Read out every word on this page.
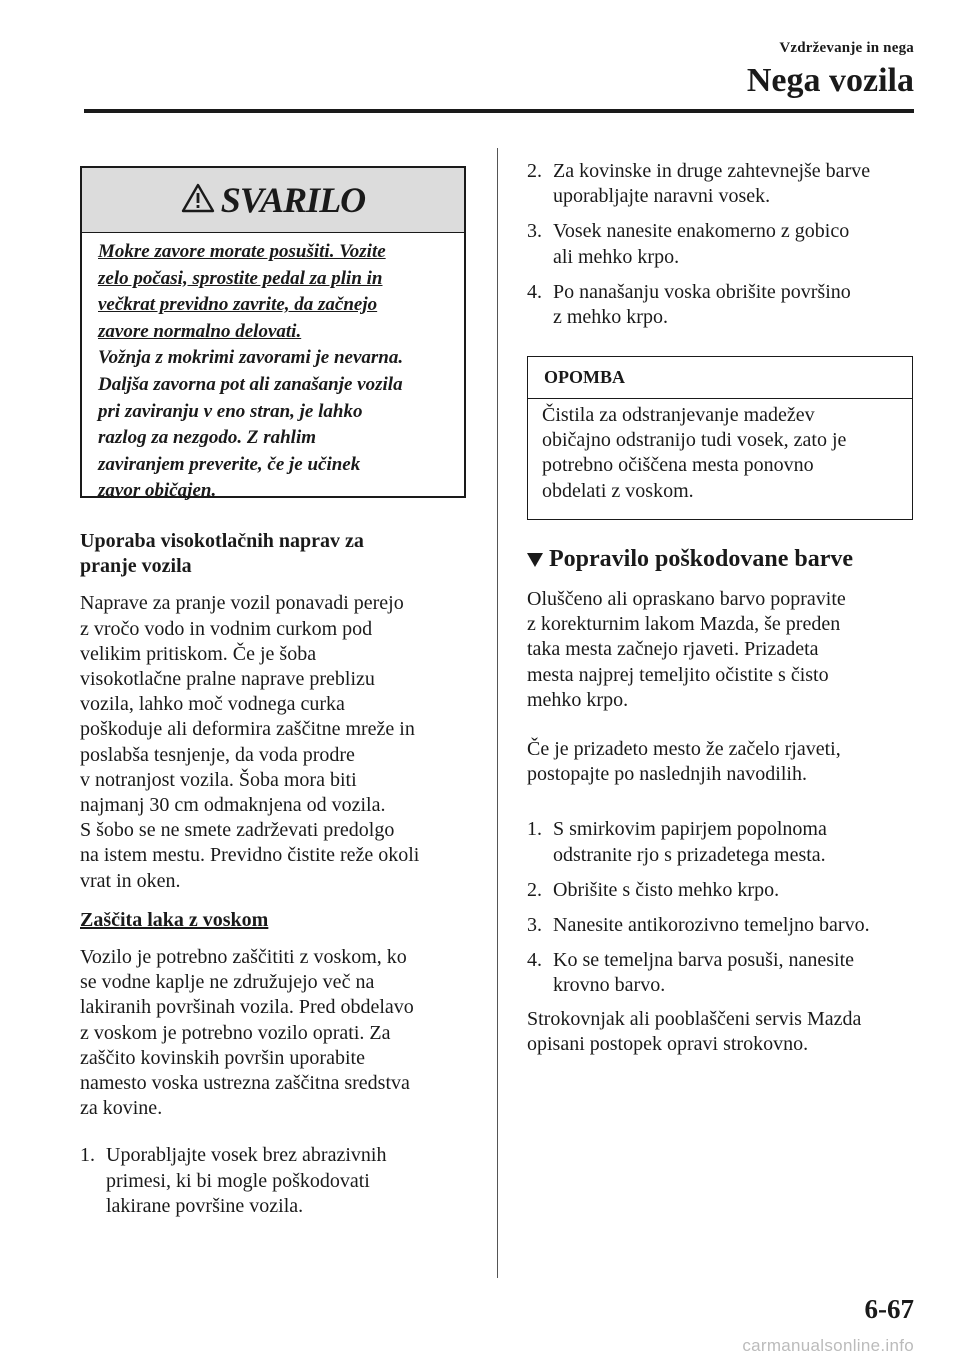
Vzdrževanje in nega
Nega vozila
SVARILO
Mokre zavore morate posušiti. Vozite
zelo počasi, sprostite pedal za plin in
večkrat previdno zavrite, da začnejo
zavore normalno delovati.
Vožnja z mokrimi zavorami je nevarna.
Daljša zavorna pot ali zanašanje vozila
pri zaviranju v eno stran, je lahko
razlog za nezgodo. Z rahlim
zaviranjem preverite, če je učinek
zavor običajen.
Uporaba visokotlačnih naprav za
pranje vozila
Naprave za pranje vozil ponavadi perejo
z vročo vodo in vodnim curkom pod
velikim pritiskom. Če je šoba
visokotlačne pralne naprave preblizu
vozila, lahko moč vodnega curka
poškoduje ali deformira zaščitne mreže in
poslabša tesnjenje, da voda prodre
v notranjost vozila. Šoba mora biti
najmanj 30 cm odmaknjena od vozila.
S šobo se ne smete zadrževati predolgo
na istem mestu. Previdno čistite reže okoli
vrat in oken.
Zaščita laka z voskom
Vozilo je potrebno zaščititi z voskom, ko
se vodne kaplje ne združujejo več na
lakiranih površinah vozila. Pred obdelavo
z voskom je potrebno vozilo oprati. Za
zaščito kovinskih površin uporabite
namesto voska ustrezna zaščitna sredstva
za kovine.
1. Uporabljajte vosek brez abrazivnih
primesi, ki bi mogle poškodovati
lakirane površine vozila.
2. Za kovinske in druge zahtevnejše barve
uporabljajte naravni vosek.
3. Vosek nanesite enakomerno z gobico
ali mehko krpo.
4. Po nanašanju voska obrišite površino
z mehko krpo.
OPOMBA
Čistila za odstranjevanje madežev
običajno odstranijo tudi vosek, zato je
potrebno očiščena mesta ponovno
obdelati z voskom.
Popravilo poškodovane barve
Oluščeno ali opraskano barvo popravite
z korekturnim lakom Mazda, še preden
taka mesta začnejo rjaveti. Prizadeta
mesta najprej temeljito očistite s čisto
mehko krpo.
Če je prizadeto mesto že začelo rjaveti,
postopajte po naslednjih navodilih.
1. S smirkovim papirjem popolnoma
odstranite rjo s prizadetega mesta.
2. Obrišite s čisto mehko krpo.
3. Nanesite antikorozivno temeljno barvo.
4. Ko se temeljna barva posuši, nanesite
krovno barvo.
Strokovnjak ali pooblaščeni servis Mazda
opisani postopek opravi strokovno.
6-67
carmanualsonline.info
